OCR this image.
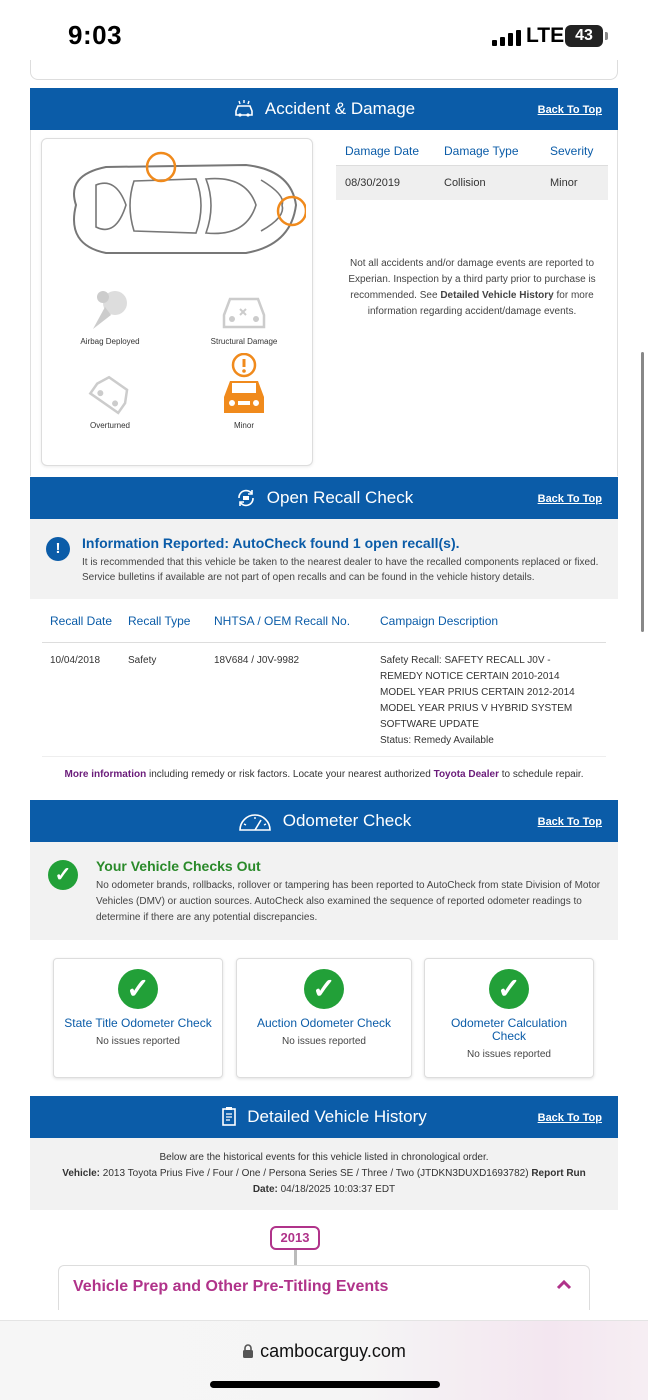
9:03	LTE 43
Accident & Damage	Back To Top
Airbag Deployed	Structural Damage
Overturned	Minor
Damage Date	Damage Type	Severity
08/30/2019	Collision	Minor
Not all accidents and/or damage events are reported to Experian. Inspection by a third party prior to purchase is recommended. See Detailed Vehicle History for more information regarding accident/damage events.
Open Recall Check	Back To Top
!	Information Reported: AutoCheck found 1 open recall(s).
It is recommended that this vehicle be taken to the nearest dealer to have the recalled components replaced or fixed. Service bulletins if available are not part of open recalls and can be found in the vehicle history details.
Recall Date	Recall Type	NHTSA / OEM Recall No.	Campaign Description
10/04/2018	Safety	18V684 / J0V-9982	Safety Recall: SAFETY RECALL J0V -
REMEDY NOTICE CERTAIN 2010-2014
MODEL YEAR PRIUS CERTAIN 2012-2014
MODEL YEAR PRIUS V HYBRID SYSTEM
SOFTWARE UPDATE
Status: Remedy Available
More information including remedy or risk factors. Locate your nearest authorized Toyota Dealer to schedule repair.
Odometer Check	Back To Top
✓	Your Vehicle Checks Out
No odometer brands, rollbacks, rollover or tampering has been reported to AutoCheck from state Division of Motor Vehicles (DMV) or auction sources. AutoCheck also examined the sequence of reported odometer readings to determine if there are any potential discrepancies.
✓
State Title Odometer Check
No issues reported
✓
Auction Odometer Check
No issues reported
✓
Odometer Calculation Check
No issues reported
Detailed Vehicle History	Back To Top
Below are the historical events for this vehicle listed in chronological order.
Vehicle: 2013 Toyota Prius Five / Four / One / Persona Series SE / Three / Two (JTDKN3DUXD1693782) Report Run Date: 04/18/2025 10:03:37 EDT
2013
Vehicle Prep and Other Pre-Titling Events
cambocarguy.com
